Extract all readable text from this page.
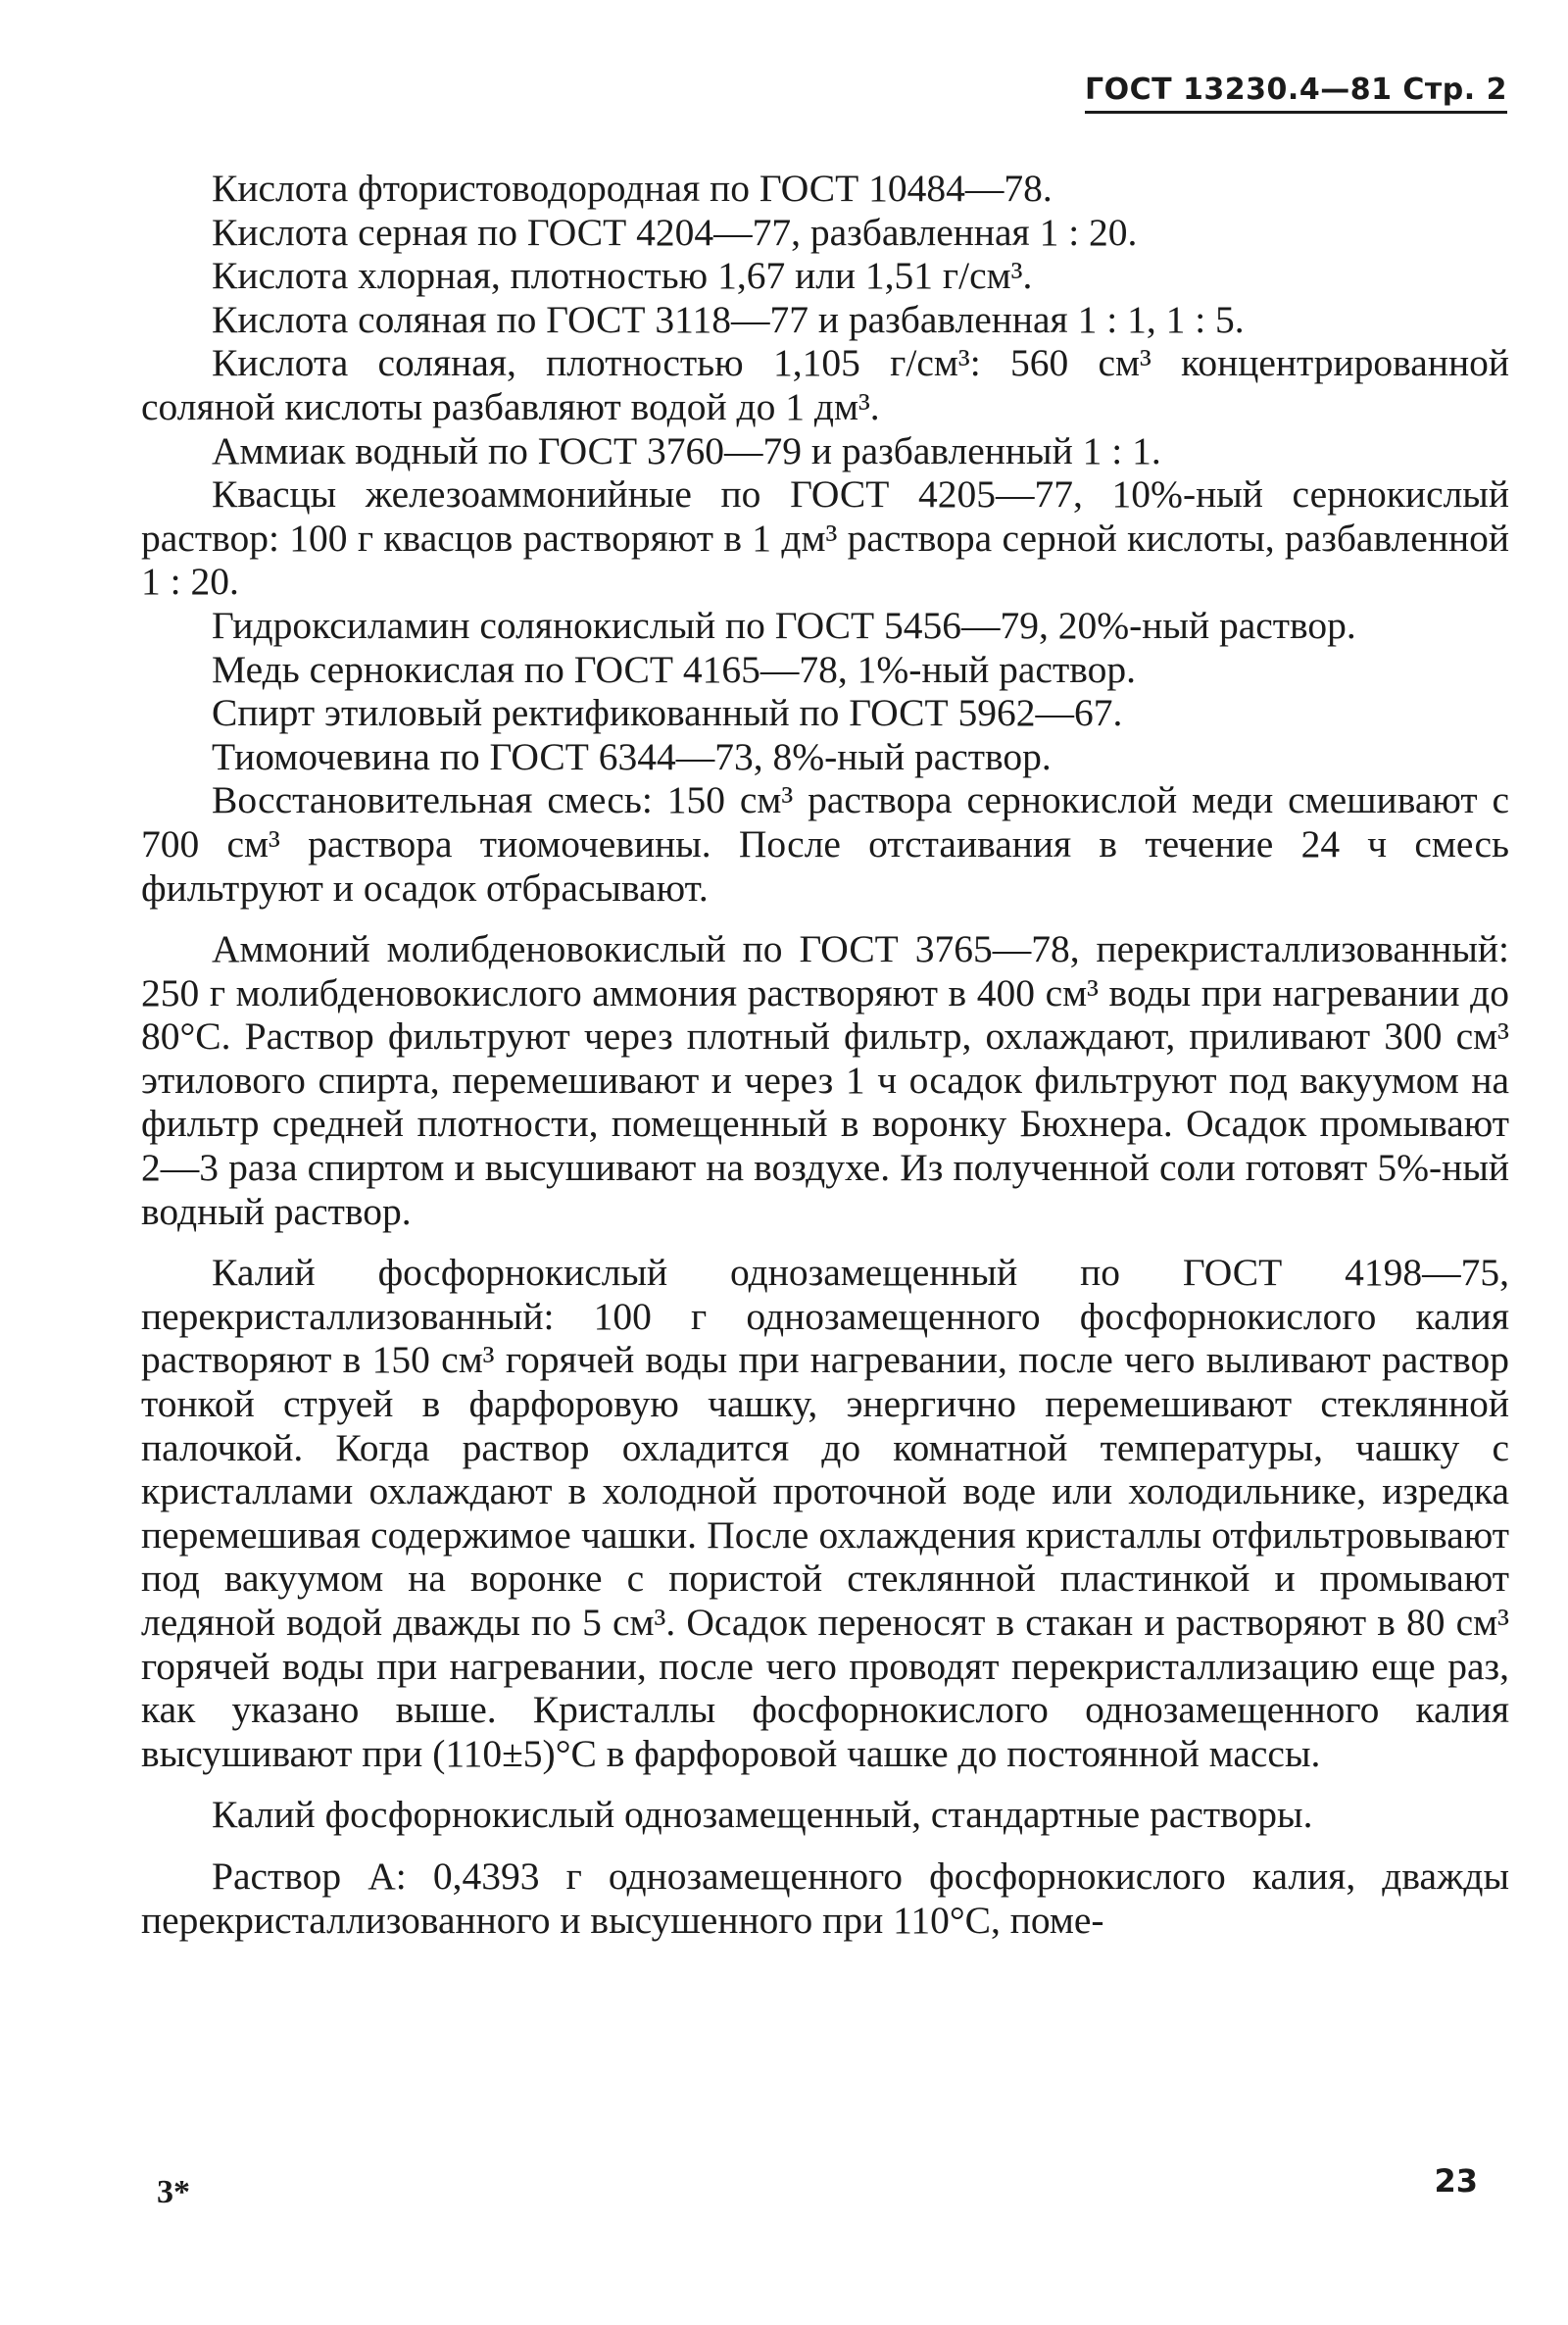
ГОСТ 13230.4—81 Стр. 2

Кислота фтористоводородная по ГОСТ 10484—78.

Кислота серная по ГОСТ 4204—77, разбавленная 1 : 20.

Кислота хлорная, плотностью 1,67 или 1,51 г/см³.

Кислота соляная по ГОСТ 3118—77 и разбавленная 1 : 1, 1 : 5.

Кислота соляная, плотностью 1,105 г/см³: 560 см³ концентрированной соляной кислоты разбавляют водой до 1 дм³.

Аммиак водный по ГОСТ 3760—79 и разбавленный 1 : 1.

Квасцы железоаммонийные по ГОСТ 4205—77, 10%-ный сернокислый раствор: 100 г квасцов растворяют в 1 дм³ раствора серной кислоты, разбавленной 1 : 20.

Гидроксиламин солянокислый по ГОСТ 5456—79, 20%-ный раствор.

Медь сернокислая по ГОСТ 4165—78, 1%-ный раствор.

Спирт этиловый ректификованный по ГОСТ 5962—67.

Тиомочевина по ГОСТ 6344—73, 8%-ный раствор.

Восстановительная смесь: 150 см³ раствора сернокислой меди смешивают с 700 см³ раствора тиомочевины. После отстаивания в течение 24 ч смесь фильтруют и осадок отбрасывают.

Аммоний молибденовокислый по ГОСТ 3765—78, перекристаллизованный: 250 г молибденовокислого аммония растворяют в 400 см³ воды при нагревании до 80°С. Раствор фильтруют через плотный фильтр, охлаждают, приливают 300 см³ этилового спирта, перемешивают и через 1 ч осадок фильтруют под вакуумом на фильтр средней плотности, помещенный в воронку Бюхнера. Осадок промывают 2—3 раза спиртом и высушивают на воздухе. Из полученной соли готовят 5%-ный водный раствор.

Калий фосфорнокислый однозамещенный по ГОСТ 4198—75, перекристаллизованный: 100 г однозамещенного фосфорнокислого калия растворяют в 150 см³ горячей воды при нагревании, после чего выливают раствор тонкой струей в фарфоровую чашку, энергично перемешивают стеклянной палочкой. Когда раствор охладится до комнатной температуры, чашку с кристаллами охлаждают в холодной проточной воде или холодильнике, изредка перемешивая содержимое чашки. После охлаждения кристаллы отфильтровывают под вакуумом на воронке с пористой стеклянной пластинкой и промывают ледяной водой дважды по 5 см³. Осадок переносят в стакан и растворяют в 80 см³ горячей воды при нагревании, после чего проводят перекристаллизацию еще раз, как указано выше. Кристаллы фосфорнокислого однозамещенного калия высушивают при (110±5)°С в фарфоровой чашке до постоянной массы.

Калий фосфорнокислый однозамещенный, стандартные растворы.

Раствор А: 0,4393 г однозамещенного фосфорнокислого калия, дважды перекристаллизованного и высушенного при 110°С, поме-

3*	23
